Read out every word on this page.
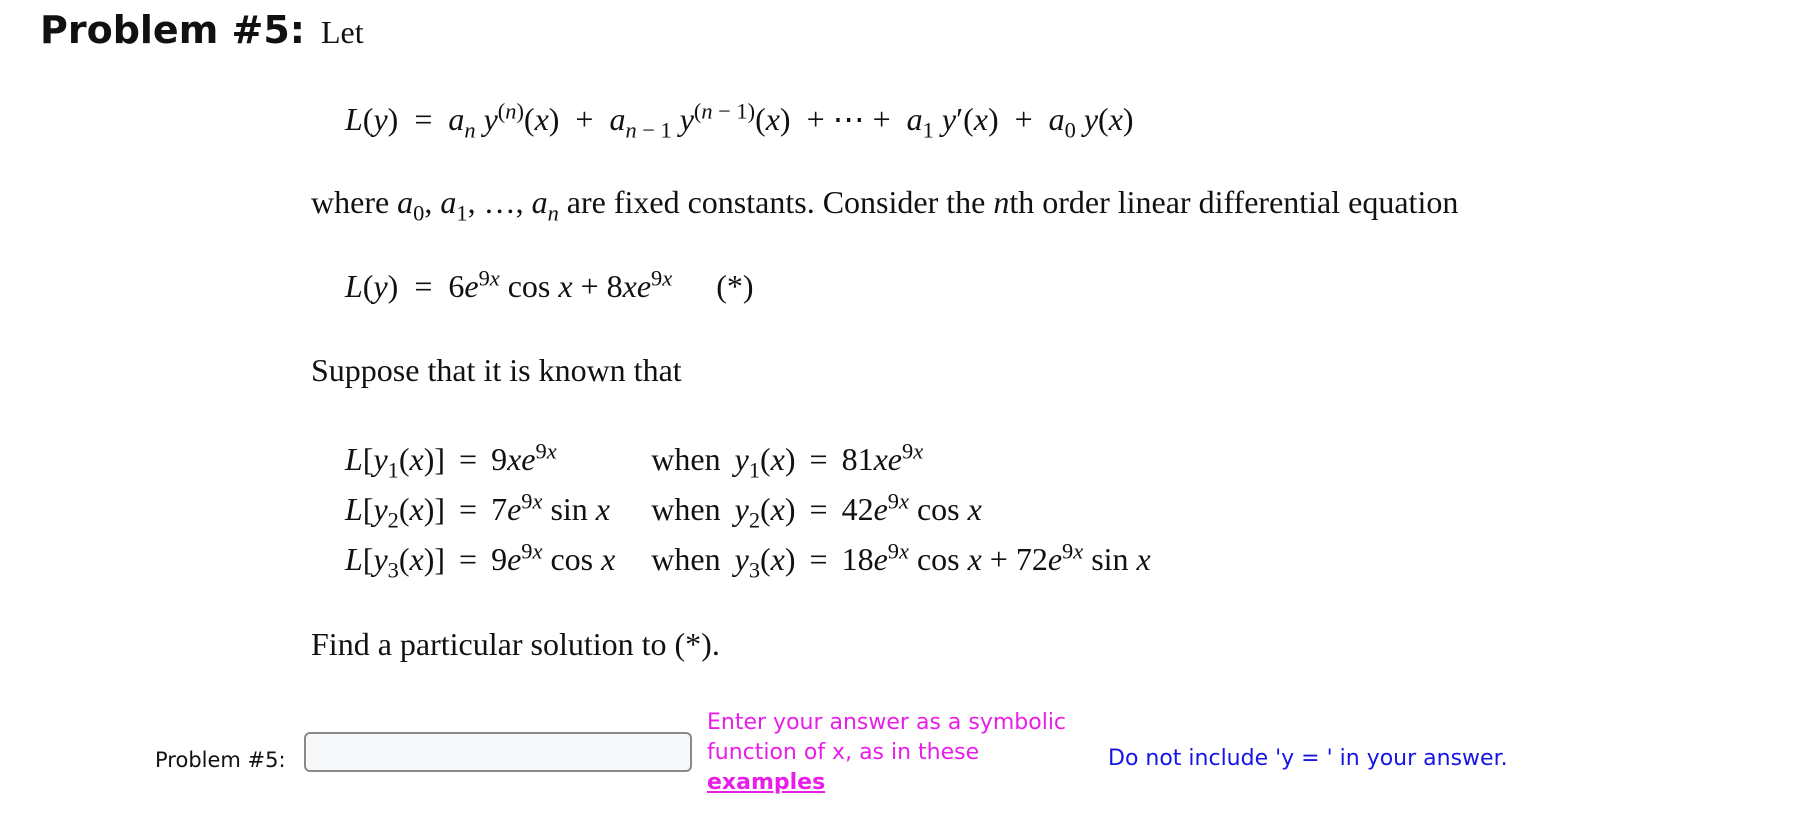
Problem #5: Let
$L(y) = a_n$ $y^{(n)}(x) + a_{n - 1}$ $y^{(n - 1)}(x)$  + ⋯ +  $a_1$ $y'(x) + a_0$ y(x)
where $a_0$, $a_1$, …, $a_n$ are fixed constants. Consider the nth order linear differential equation
$L(y) = 6e^{9x}$ $\cos x + 8xe^{9x}$ (*)
Suppose that it is known that
$L[y_1(x)]$	=	$9xe^{9x}$	when	$y_1(x)$	=	$81xe^{9x}$
$L[y_2(x)]$	=	$7e^{9x}$ sin x	when	$y_2(x)$	=	$42e^{9x}$ cos x
$L[y_3(x)]$	=	$9e^{9x}$ cos x	when	$y_3(x)$	=	$18e^{9x}$ $\cos x + 72e^{9x}$ sin x
Find a particular solution to (*).
Problem #5:
Enter your answer as a symbolic function of x, as in these examples
Do not include 'y = ' in your answer.
